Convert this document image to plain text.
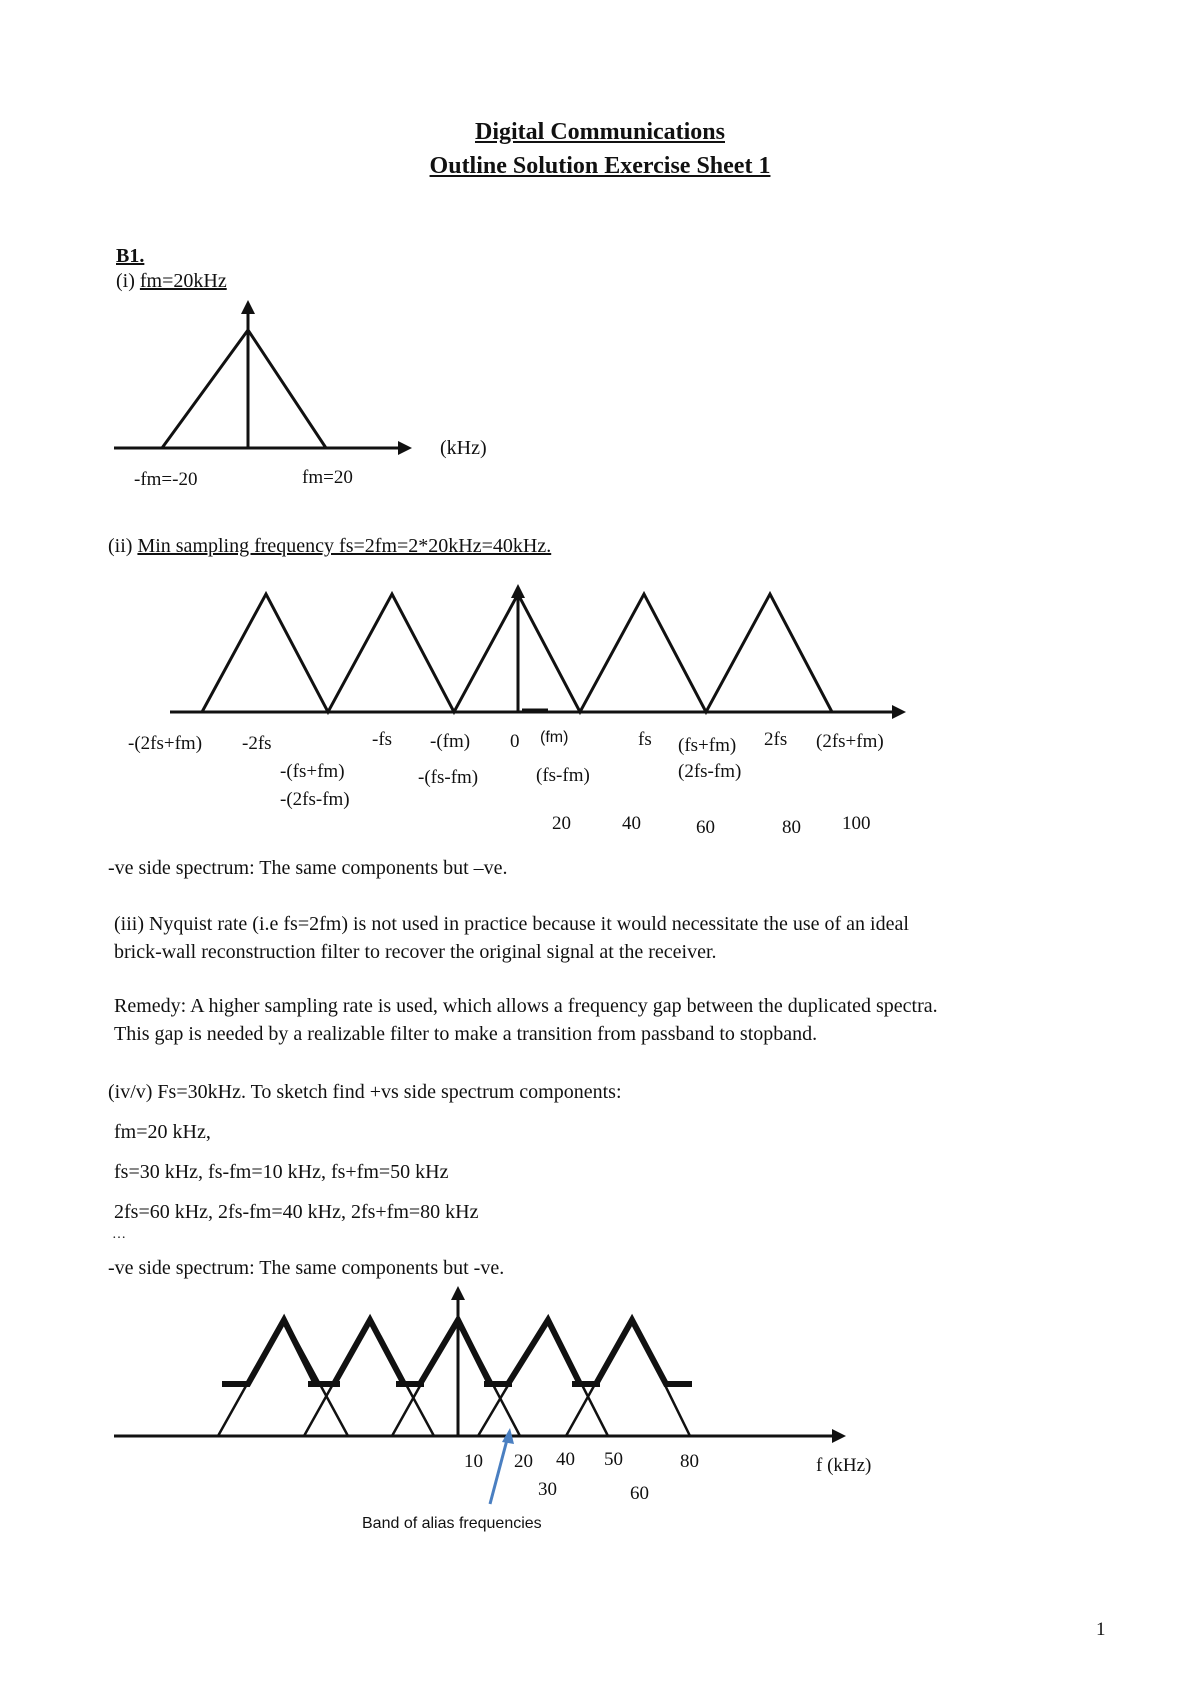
Digital Communications
Outline Solution Exercise Sheet 1
B1.
(i) fm=20kHz
(kHz)
-fm=-20	fm=20
(ii) Min sampling frequency fs=2fm=2*20kHz=40kHz.
-(2fs+fm) -2fs	-fs -(fm) 0 (fm)	fs (fs+fm) 2fs (2fs+fm)
-(fs+fm)	-(fs-fm)	(fs-fm)	(2fs-fm)
-(2fs-fm)
20	40	60	80 100
-ve side spectrum: The same components but –ve.
(iii) Nyquist rate (i.e fs=2fm) is not used in practice because it would necessitate the use of an ideal
brick-wall reconstruction filter to recover the original signal at the receiver.
Remedy: A higher sampling rate is used, which allows a frequency gap between the duplicated spectra.
This gap is needed by a realizable filter to make a transition from passband to stopband.
(iv/v) Fs=30kHz. To sketch find +vs side spectrum components:
fm=20 kHz,
fs=30 kHz, fs-fm=10 kHz, fs+fm=50 kHz
2fs=60 kHz, 2fs-fm=40 kHz, 2fs+fm=80 kHz
…
-ve side spectrum: The same components but -ve.
10 20 40 50	80
30	60
f (kHz)
Band of alias frequencies
1
